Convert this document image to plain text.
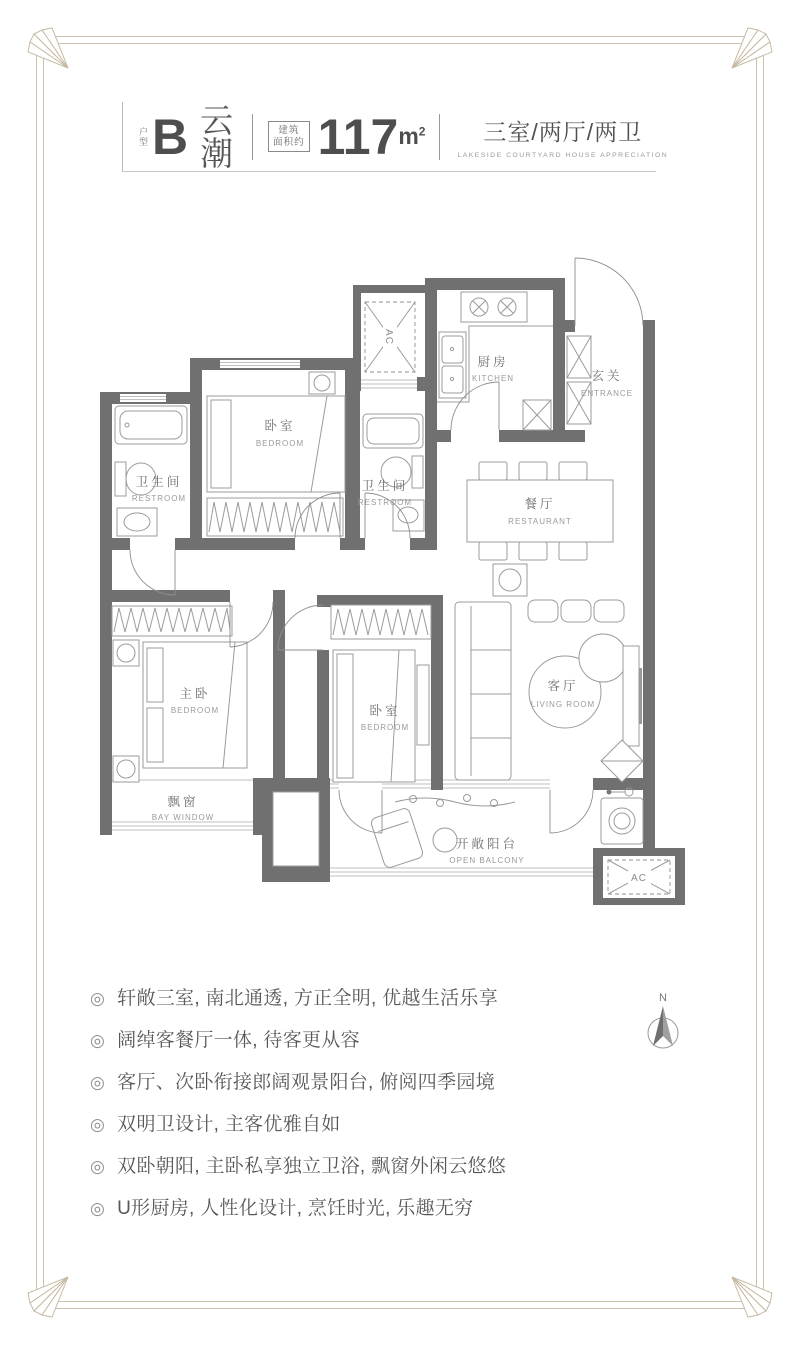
户
型 B 云潮
建筑
面积约 117 $m^2$	三室/两厅/两卫
LAKESIDE COURTYARD HOUSE APPRECIATION
AC
AC
厨房
KITCHEN	玄关
ENTRANCE
卧室
BEDROOM
卫生间
RESTROOM
卫生间
RESTROOM	餐厅
RESTAURANT
主卧
BEDROOM	卧室
BEDROOM
客厅
LIVING ROOM
飘窗
BAY WINDOW
开敞阳台
OPEN BALCONY
N
◎ 轩敞三室, 南北通透, 方正全明, 优越生活乐享
◎ 阔绰客餐厅一体, 待客更从容
◎ 客厅、次卧衔接郎阔观景阳台, 俯阅四季园境
◎ 双明卫设计, 主客优雅自如
◎ 双卧朝阳, 主卧私享独立卫浴, 飘窗外闲云悠悠
◎ U形厨房, 人性化设计, 烹饪时光, 乐趣无穷
